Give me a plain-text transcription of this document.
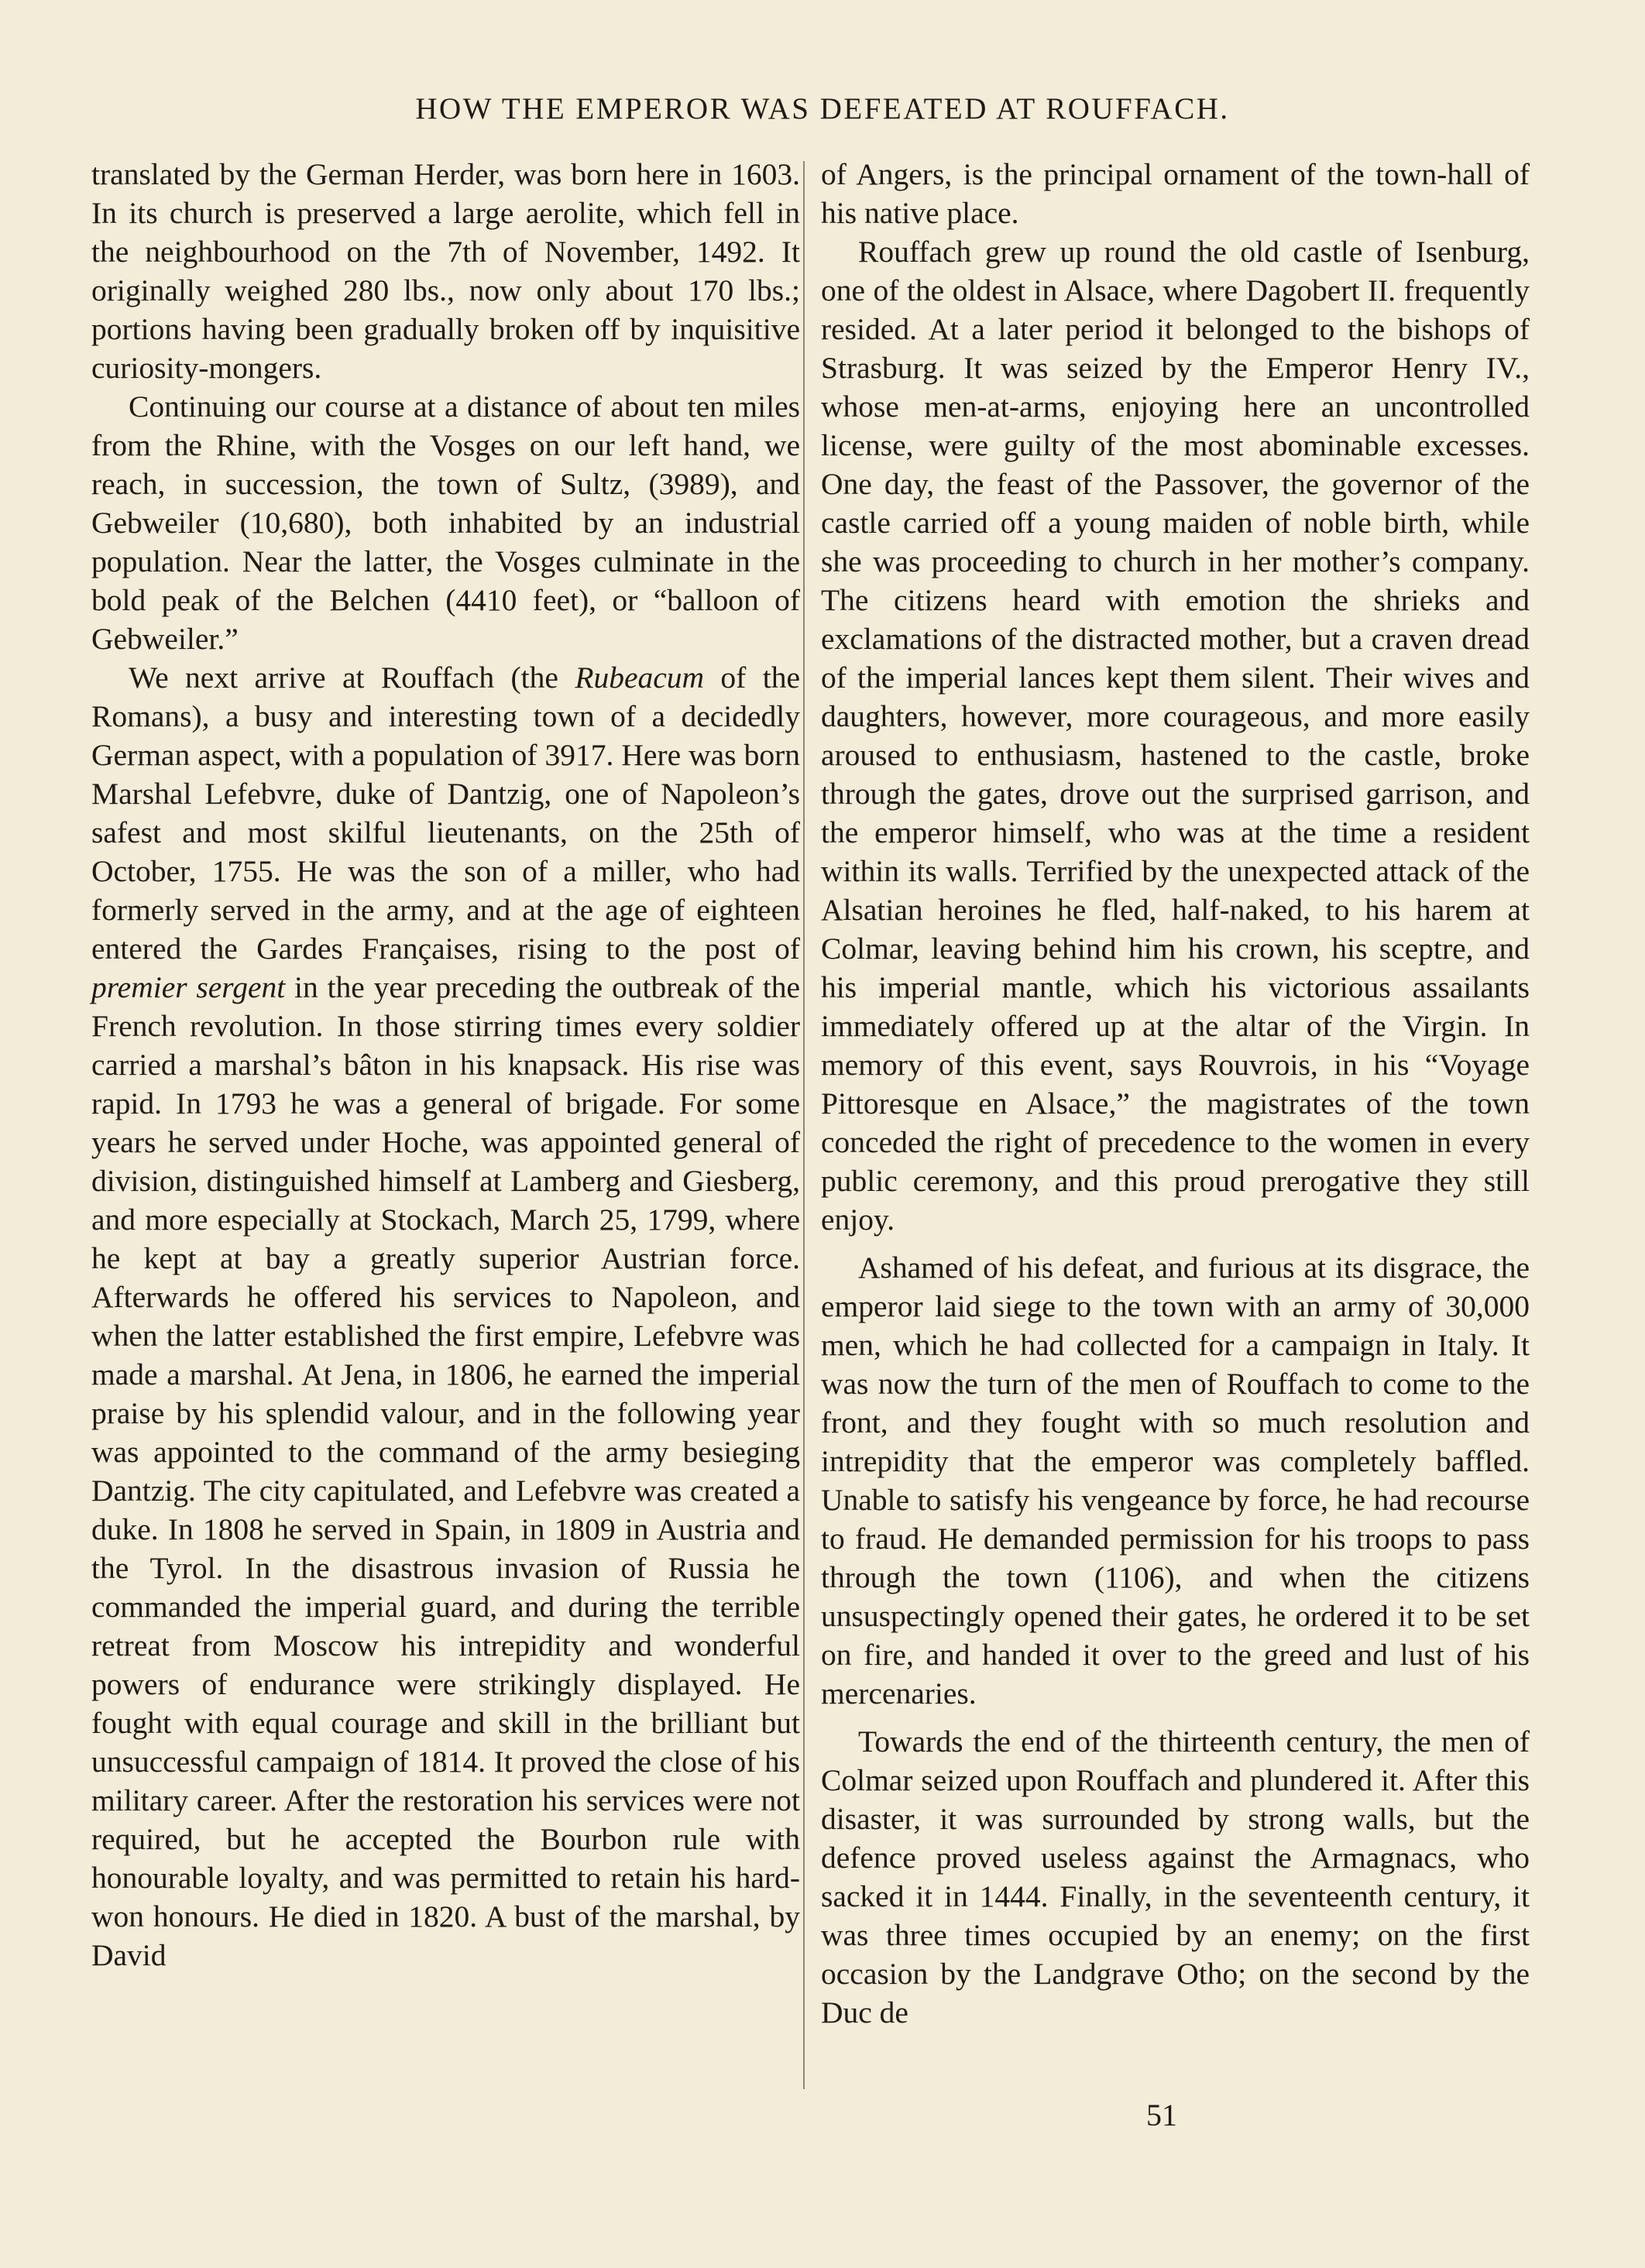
HOW THE EMPEROR WAS DEFEATED AT ROUFFACH.

translated by the German Herder, was born here in 1603. In its church is preserved a large aerolite, which fell in the neighbourhood on the 7th of November, 1492. It originally weighed 280 lbs., now only about 170 lbs.; portions having been gradually broken off by inquisitive curiosity-mongers.

Continuing our course at a distance of about ten miles from the Rhine, with the Vosges on our left hand, we reach, in succession, the town of Sultz, (3989), and Gebweiler (10,680), both inhabited by an industrial population. Near the latter, the Vosges culminate in the bold peak of the Belchen (4410 feet), or “balloon of Gebweiler.”

We next arrive at Rouffach (the Rubeacum of the Romans), a busy and interesting town of a decidedly German aspect, with a population of 3917. Here was born Marshal Lefebvre, duke of Dantzig, one of Napoleon’s safest and most skilful lieutenants, on the 25th of October, 1755. He was the son of a miller, who had formerly served in the army, and at the age of eighteen entered the Gardes Françaises, rising to the post of premier sergent in the year preceding the outbreak of the French revolution. In those stirring times every soldier carried a marshal’s bâton in his knapsack. His rise was rapid. In 1793 he was a general of brigade. For some years he served under Hoche, was appointed general of division, distinguished himself at Lamberg and Giesberg, and more especially at Stockach, March 25, 1799, where he kept at bay a greatly superior Austrian force. Afterwards he offered his services to Napoleon, and when the latter established the first empire, Lefebvre was made a marshal. At Jena, in 1806, he earned the imperial praise by his splendid valour, and in the following year was appointed to the command of the army besieging Dantzig. The city capitulated, and Lefebvre was created a duke. In 1808 he served in Spain, in 1809 in Austria and the Tyrol. In the disastrous invasion of Russia he commanded the imperial guard, and during the terrible retreat from Moscow his intrepidity and wonderful powers of endurance were strikingly displayed. He fought with equal courage and skill in the brilliant but unsuccessful campaign of 1814. It proved the close of his military career. After the restoration his services were not required, but he accepted the Bourbon rule with honourable loyalty, and was permitted to retain his hard-won honours. He died in 1820. A bust of the marshal, by David

of Angers, is the principal ornament of the town-hall of his native place.

Rouffach grew up round the old castle of Isenburg, one of the oldest in Alsace, where Dagobert II. frequently resided. At a later period it belonged to the bishops of Strasburg. It was seized by the Emperor Henry IV., whose men-at-arms, enjoying here an uncontrolled license, were guilty of the most abominable excesses. One day, the feast of the Passover, the governor of the castle carried off a young maiden of noble birth, while she was proceeding to church in her mother’s company. The citizens heard with emotion the shrieks and exclamations of the distracted mother, but a craven dread of the imperial lances kept them silent. Their wives and daughters, however, more courageous, and more easily aroused to enthusiasm, hastened to the castle, broke through the gates, drove out the surprised garrison, and the emperor himself, who was at the time a resident within its walls. Terrified by the unexpected attack of the Alsatian heroines he fled, half-naked, to his harem at Colmar, leaving behind him his crown, his sceptre, and his imperial mantle, which his victorious assailants immediately offered up at the altar of the Virgin. In memory of this event, says Rouvrois, in his “Voyage Pittoresque en Alsace,” the magistrates of the town conceded the right of precedence to the women in every public ceremony, and this proud prerogative they still enjoy.

Ashamed of his defeat, and furious at its disgrace, the emperor laid siege to the town with an army of 30,000 men, which he had collected for a campaign in Italy. It was now the turn of the men of Rouffach to come to the front, and they fought with so much resolution and intrepidity that the emperor was completely baffled. Unable to satisfy his vengeance by force, he had recourse to fraud. He demanded permission for his troops to pass through the town (1106), and when the citizens unsuspectingly opened their gates, he ordered it to be set on fire, and handed it over to the greed and lust of his mercenaries.

Towards the end of the thirteenth century, the men of Colmar seized upon Rouffach and plundered it. After this disaster, it was surrounded by strong walls, but the defence proved useless against the Armagnacs, who sacked it in 1444. Finally, in the seventeenth century, it was three times occupied by an enemy; on the first occasion by the Landgrave Otho; on the second by the Duc de

51
